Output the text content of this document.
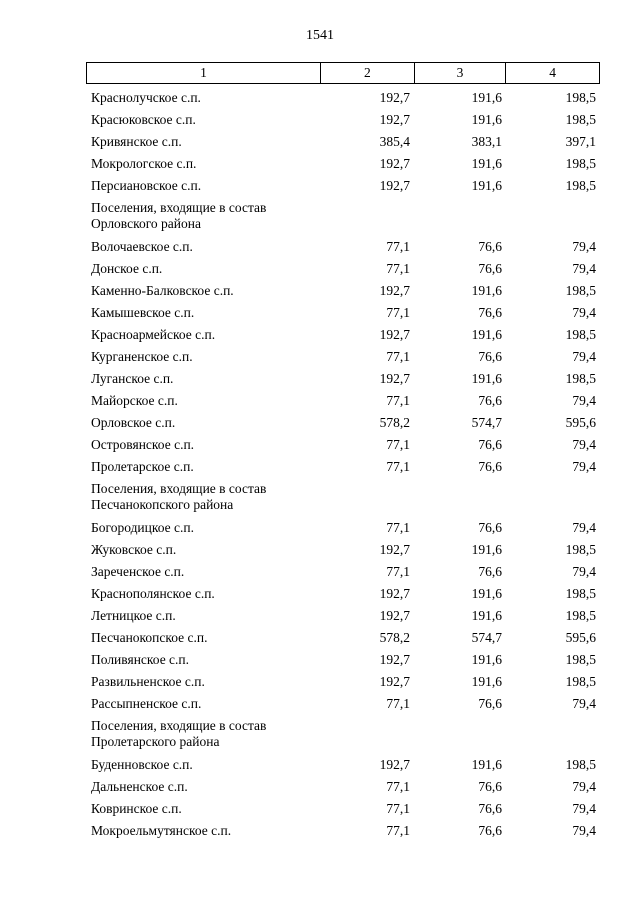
1541
1	2	3	4
Краснолучское с.п.	192,7	191,6	198,5
Красюковское с.п.	192,7	191,6	198,5
Кривянское с.п.	385,4	383,1	397,1
Мокрологское с.п.	192,7	191,6	198,5
Персиановское с.п.	192,7	191,6	198,5
Поселения, входящие в состав
Орловского района
Волочаевское с.п.	77,1	76,6	79,4
Донское с.п.	77,1	76,6	79,4
Каменно-Балковское с.п.	192,7	191,6	198,5
Камышевское с.п.	77,1	76,6	79,4
Красноармейское с.п.	192,7	191,6	198,5
Курганенское с.п.	77,1	76,6	79,4
Луганское с.п.	192,7	191,6	198,5
Майорское с.п.	77,1	76,6	79,4
Орловское с.п.	578,2	574,7	595,6
Островянское с.п.	77,1	76,6	79,4
Пролетарское с.п.	77,1	76,6	79,4
Поселения, входящие в состав
Песчанокопского района
Богородицкое с.п.	77,1	76,6	79,4
Жуковское с.п.	192,7	191,6	198,5
Зареченское с.п.	77,1	76,6	79,4
Краснополянское с.п.	192,7	191,6	198,5
Летницкое с.п.	192,7	191,6	198,5
Песчанокопское с.п.	578,2	574,7	595,6
Поливянское с.п.	192,7	191,6	198,5
Развильненское с.п.	192,7	191,6	198,5
Рассыпненское с.п.	77,1	76,6	79,4
Поселения, входящие в состав
Пролетарского района
Буденновское с.п.	192,7	191,6	198,5
Дальненское с.п.	77,1	76,6	79,4
Ковринское с.п.	77,1	76,6	79,4
Мокроельмутянское с.п.	77,1	76,6	79,4
